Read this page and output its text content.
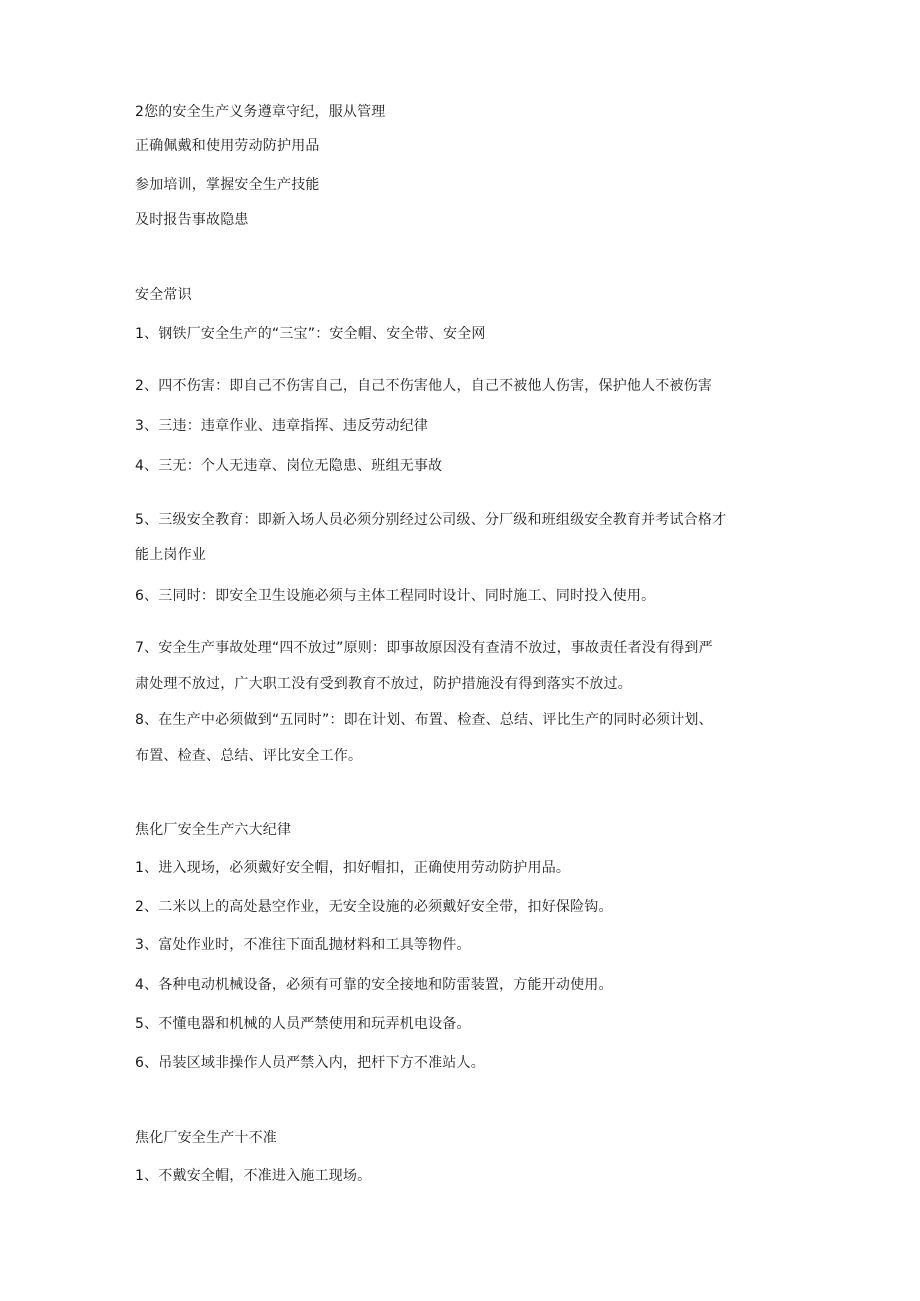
2您的安全生产义务遵章守纪，服从管理
正确佩戴和使用劳动防护用品
参加培训，掌握安全生产技能
及时报告事故隐患
安全常识
1、钢铁厂安全生产的“三宝”：安全帽、安全带、安全网
2、四不伤害：即自己不伤害自己，自己不伤害他人，自己不被他人伤害，保护他人不被伤害
3、三违：违章作业、违章指挥、违反劳动纪律
4、三无：个人无违章、岗位无隐患、班组无事故
5、三级安全教育：即新入场人员必须分别经过公司级、分厂级和班组级安全教育并考试合格才
能上岗作业
6、三同时：即安全卫生设施必须与主体工程同时设计、同时施工、同时投入使用。
7、安全生产事故处理“四不放过”原则：即事故原因没有查清不放过，事故责任者没有得到严
肃处理不放过，广大职工没有受到教育不放过，防护措施没有得到落实不放过。
8、在生产中必须做到“五同时”：即在计划、布置、检查、总结、评比生产的同时必须计划、
布置、检查、总结、评比安全工作。
焦化厂安全生产六大纪律
1、进入现场，必须戴好安全帽，扣好帽扣，正确使用劳动防护用品。
2、二米以上的高处悬空作业，无安全设施的必须戴好安全带，扣好保险钩。
3、富处作业时，不准往下面乱抛材料和工具等物件。
4、各种电动机械设备，必须有可靠的安全接地和防雷装置，方能开动使用。
5、不懂电器和机械的人员严禁使用和玩弄机电设备。
6、吊装区域非操作人员严禁入内，把杆下方不准站人。
焦化厂安全生产十不准
1、不戴安全帽，不准进入施工现场。
